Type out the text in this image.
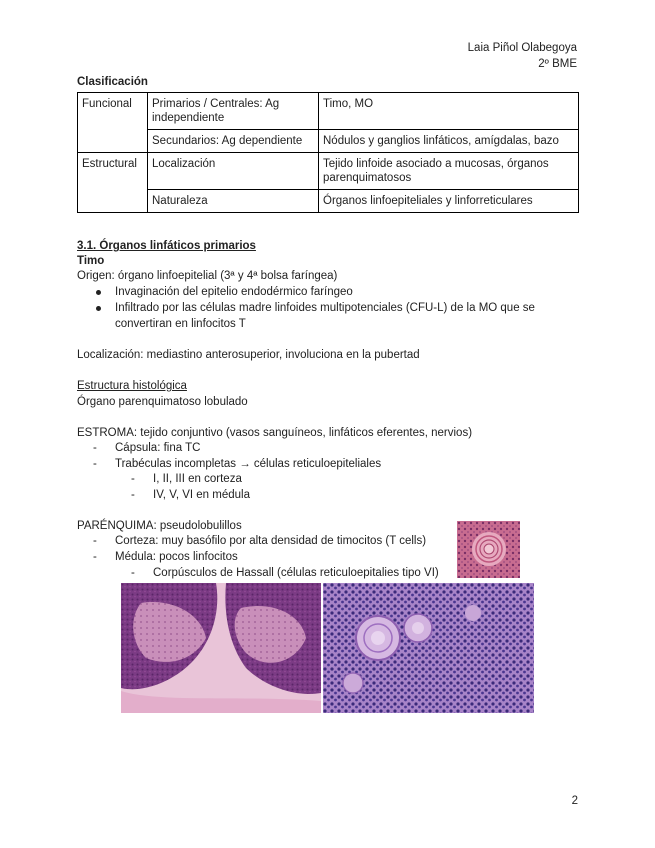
Laia Piñol Olabegoya
2º BME
Clasificación
Funcional	Primarios / Centrales: Ag independiente	Timo, MO
	Secundarios: Ag dependiente	Nódulos y ganglios linfáticos, amígdalas, bazo
Estructural	Localización	Tejido linfoide asociado a mucosas, órganos parenquimatosos
	Naturaleza	Órganos linfoepiteliales y linforreticulares
3.1. Órganos linfáticos primarios
Timo
Origen: órgano linfoepitelial (3ª y 4ª bolsa faríngea)
Invaginación del epitelio endodérmico faríngeo
Infiltrado por las células madre linfoides multipotenciales (CFU-L) de la MO que se
convertiran en linfocitos T
Localización: mediastino anterosuperior, involuciona en la pubertad
Estructura histológica
Órgano parenquimatoso lobulado
ESTROMA: tejido conjuntivo (vasos sanguíneos, linfáticos eferentes, nervios)
- Cápsula: fina TC
- Trabéculas incompletas → células reticuloepiteliales
- I, II, III en corteza
- IV, V, VI en médula
PARÉNQUIMA: pseudolobulillos
- Corteza: muy basófilo por alta densidad de timocitos (T cells)
- Médula: pocos linfocitos
- Corpúsculos de Hassall (células reticuloepitalies tipo VI)
2
